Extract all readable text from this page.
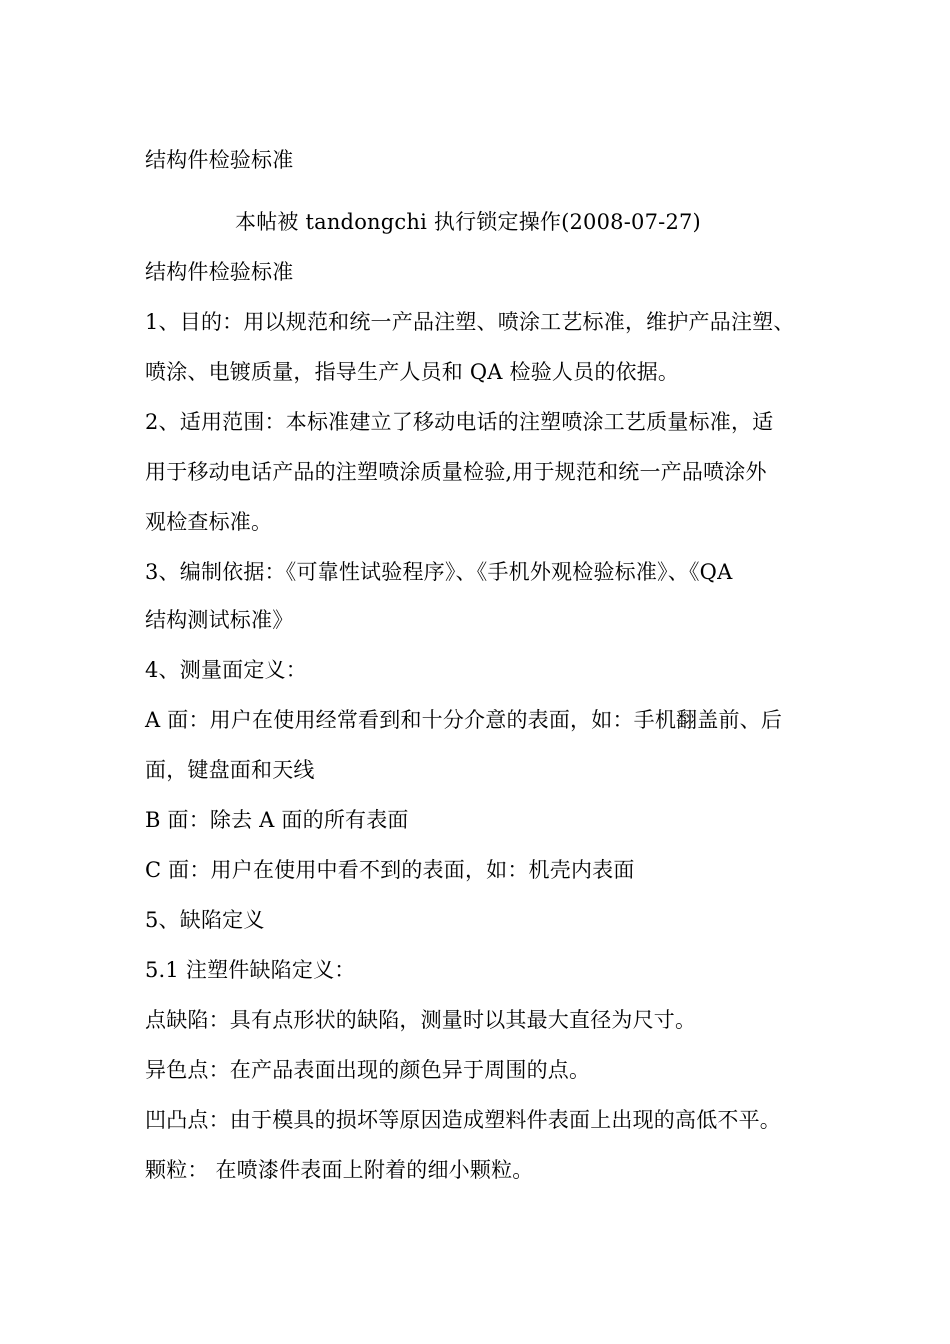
结构件检验标准
本帖被 tandongchi 执行锁定操作(2008-07-27)
结构件检验标准
1、目的：用以规范和统一产品注塑、喷涂工艺标准，维护产品注塑、
喷涂、电镀质量，指导生产人员和 QA 检验人员的依据。
2、适用范围：本标准建立了移动电话的注塑喷涂工艺质量标准，适
用于移动电话产品的注塑喷涂质量检验,用于规范和统一产品喷涂外
观检查标准。
3、编制依据：《可靠性试验程序》、《手机外观检验标准》、《QA
结构测试标准》
4、测量面定义：
A 面：用户在使用经常看到和十分介意的表面，如：手机翻盖前、后
面，键盘面和天线
B 面：除去 A 面的所有表面
C 面：用户在使用中看不到的表面，如：机壳内表面
5、缺陷定义
5.1 注塑件缺陷定义：
点缺陷：具有点形状的缺陷，测量时以其最大直径为尺寸。
异色点：在产品表面出现的颜色异于周围的点。
凹凸点：由于模具的损坏等原因造成塑料件表面上出现的高低不平。
颗粒： 在喷漆件表面上附着的细小颗粒。
